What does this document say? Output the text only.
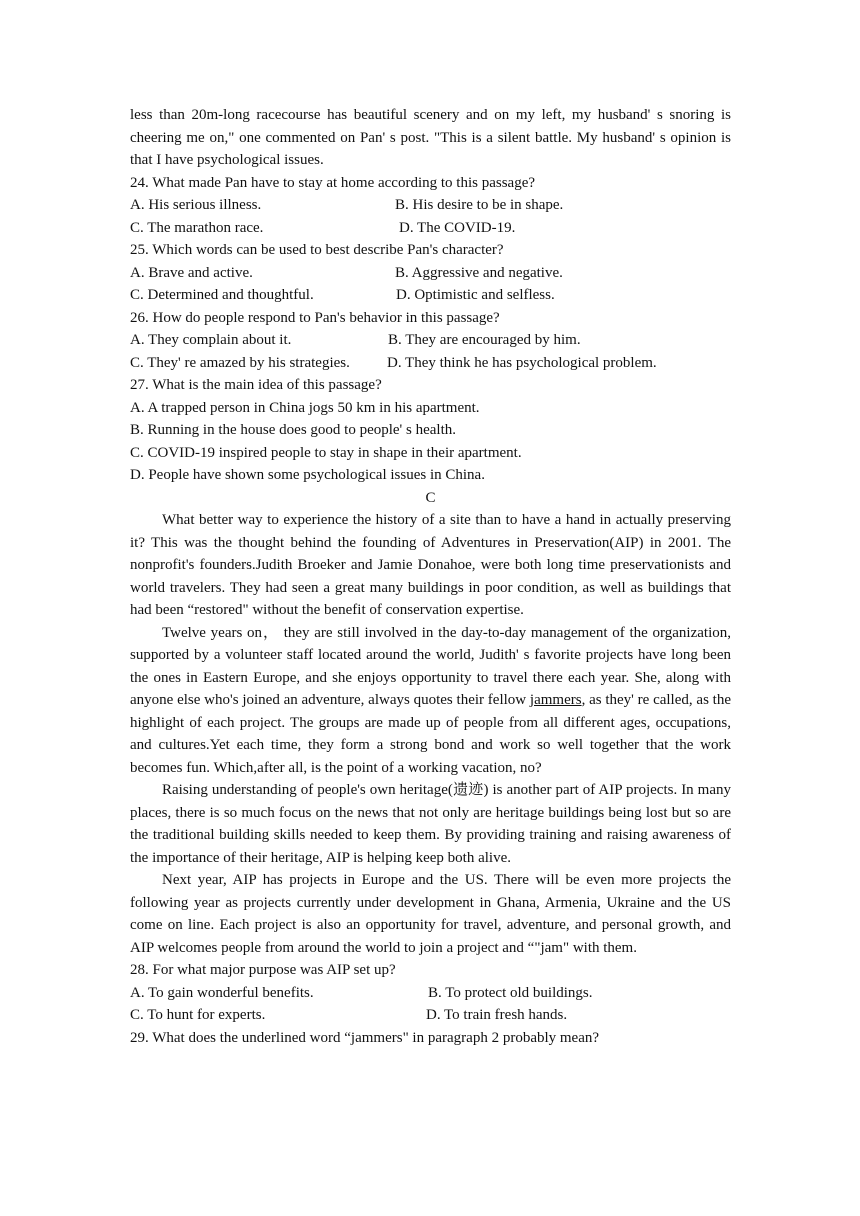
less than 20m-long racecourse has beautiful scenery and on my left, my husband' s snoring is cheering me on," one commented on Pan' s post. "This is a silent battle. My husband' s opinion is that I have psychological issues.

24. What made Pan have to stay at home according to this passage?

A. His serious illness.	B. His desire to be in shape.
C. The marathon race.	D. The COVID-19.

25. Which words can be used to best describe Pan's character?

A. Brave and active.	B. Aggressive and negative.
C. Determined and thoughtful.	D. Optimistic and selfless.

26. How do people respond to Pan's behavior in this passage?

A. They complain about it.	B. They are encouraged by him.
C. They' re amazed by his strategies.	D. They think he has psychological problem.

27. What is the main idea of this passage?

A. A trapped person in China jogs 50 km in his apartment.

B. Running in the house does good to people' s health.

C. COVID-19 inspired people to stay in shape in their apartment.

D. People have shown some psychological issues in China.

C

What better way to experience the history of a site than to have a hand in actually preserving it? This was the thought behind the founding of Adventures in Preservation(AIP) in 2001. The nonprofit's founders.Judith Broeker and Jamie Donahoe, were both long time preservationists and world travelers. They had seen a great many buildings in poor condition, as well as buildings that had been “restored" without the benefit of conservation expertise.

Twelve years on， they are still involved in the day-to-day management of the organization, supported by a volunteer staff located around the world, Judith' s favorite projects have long been the ones in Eastern Europe, and she enjoys opportunity to travel there each year. She, along with anyone else who's joined an adventure, always quotes their fellow jammers, as they' re called, as the highlight of each project. The groups are made up of people from all different ages, occupations, and cultures.Yet each time, they form a strong bond and work so well together that the work becomes fun. Which,after all, is the point of a working vacation, no?

Raising understanding of people's own heritage(遗迹) is another part of AIP projects. In many places, there is so much focus on the news that not only are heritage buildings being lost but so are the traditional building skills needed to keep them. By providing training and raising awareness of the importance of their heritage, AIP is helping keep both alive.

Next year, AIP has projects in Europe and the US. There will be even more projects the following year as projects currently under development in Ghana, Armenia, Ukraine and the US come on line. Each project is also an opportunity for travel, adventure, and personal growth, and AIP welcomes people from around the world to join a project and “"jam" with them.

28. For what major purpose was AIP set up?

A. To gain wonderful benefits.	B. To protect old buildings.
C. To hunt for experts.	D. To train fresh hands.

29. What does the underlined word “jammers" in paragraph 2 probably mean?
